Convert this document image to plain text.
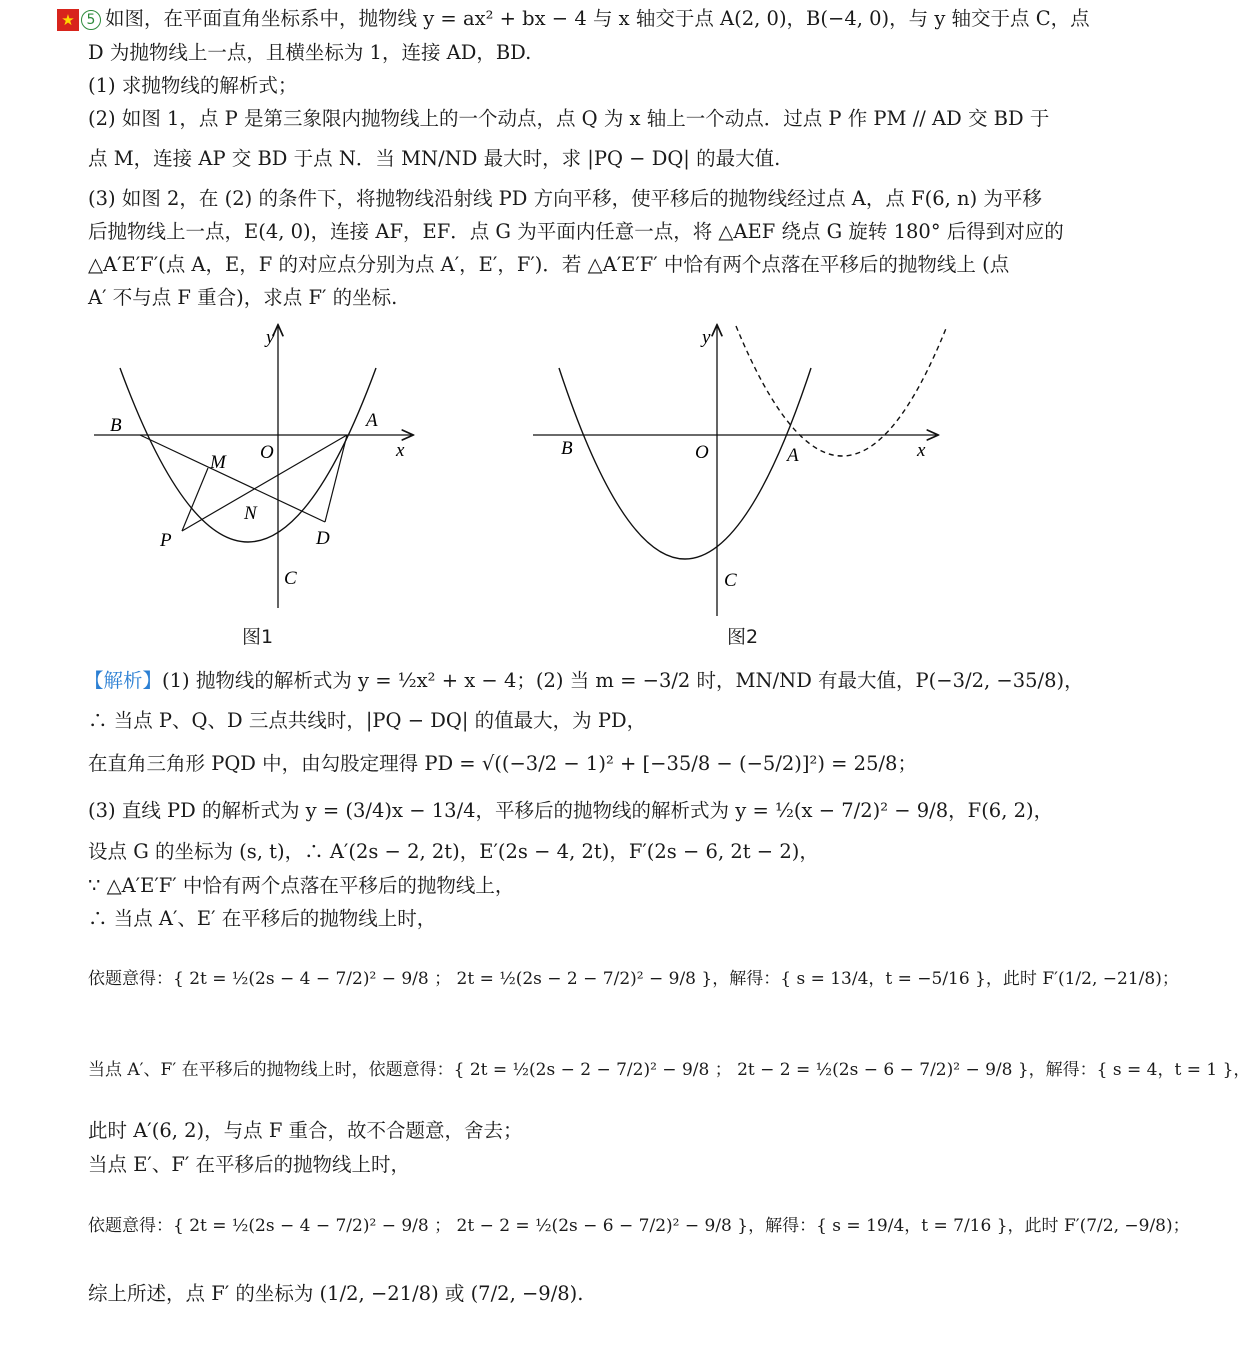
★ 5 如图，在平面直角坐标系中，抛物线 y = ax² + bx − 4 与 x 轴交于点 A(2, 0)，B(−4, 0)，与 y 轴交于点 C，点
D 为抛物线上一点，且横坐标为 1，连接 AD，BD.
(1) 求抛物线的解析式；
(2) 如图 1，点 P 是第三象限内抛物线上的一个动点，点 Q 为 x 轴上一个动点．过点 P 作 PM // AD 交 BD 于
点 M，连接 AP 交 BD 于点 N．当 MN/ND 最大时，求 |PQ − DQ| 的最大值.
(3) 如图 2，在 (2) 的条件下，将抛物线沿射线 PD 方向平移，使平移后的抛物线经过点 A，点 F(6, n) 为平移
后抛物线上一点，E(4, 0)，连接 AF，EF．点 G 为平面内任意一点，将 △AEF 绕点 G 旋转 180° 后得到对应的
△A′E′F′(点 A，E，F 的对应点分别为点 A′，E′，F′)．若 △A′E′F′ 中恰有两个点落在平移后的抛物线上 (点
A′ 不与点 F 重合)，求点 F′ 的坐标.
y
x
O
A
B
C
D
M
N
P
图1
y
x
O	A
B
C
图2
【解析】(1) 抛物线的解析式为 y = ½x² + x − 4；(2) 当 m = −3/2 时，MN/ND 有最大值，P(−3/2, −35/8)，
∴ 当点 P、Q、D 三点共线时，|PQ − DQ| 的值最大，为 PD，
在直角三角形 PQD 中，由勾股定理得 PD = √((−3/2 − 1)² + [−35/8 − (−5/2)]²) = 25/8；
(3) 直线 PD 的解析式为 y = (3/4)x − 13/4，平移后的抛物线的解析式为 y = ½(x − 7/2)² − 9/8，F(6, 2)，
设点 G 的坐标为 (s, t)，∴ A′(2s − 2, 2t)，E′(2s − 4, 2t)，F′(2s − 6, 2t − 2)，
∵ △A′E′F′ 中恰有两个点落在平移后的抛物线上，
∴ 当点 A′、E′ 在平移后的抛物线上时，
依题意得：{ 2t = ½(2s − 4 − 7/2)² − 9/8 ； 2t = ½(2s − 2 − 7/2)² − 9/8 }，解得：{ s = 13/4，t = −5/16 }，此时 F′(1/2, −21/8)；
当点 A′、F′ 在平移后的抛物线上时，依题意得：{ 2t = ½(2s − 2 − 7/2)² − 9/8 ； 2t − 2 = ½(2s − 6 − 7/2)² − 9/8 }，解得：{ s = 4，t = 1 }，
此时 A′(6, 2)，与点 F 重合，故不合题意，舍去；
当点 E′、F′ 在平移后的抛物线上时，
依题意得：{ 2t = ½(2s − 4 − 7/2)² − 9/8 ； 2t − 2 = ½(2s − 6 − 7/2)² − 9/8 }，解得：{ s = 19/4，t = 7/16 }，此时 F′(7/2, −9/8)；
综上所述，点 F′ 的坐标为 (1/2, −21/8) 或 (7/2, −9/8).
